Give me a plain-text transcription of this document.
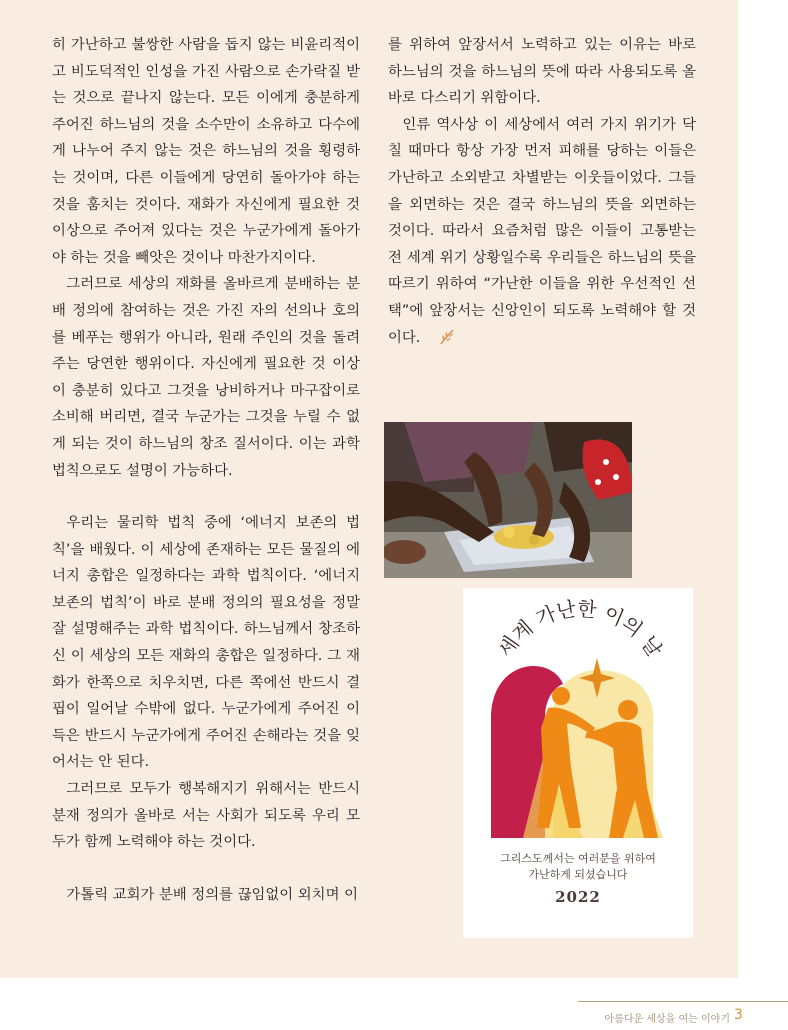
히 가난하고 불쌍한 사람을 돕지 않는 비윤리적이고 비도덕적인 인성을 가진 사람으로 손가락질 받는 것으로 끝나지 않는다. 모든 이에게 충분하게 주어진 하느님의 것을 소수만이 소유하고 다수에게 나누어 주지 않는 것은 하느님의 것을 횡령하는 것이며, 다른 이들에게 당연히 돌아가야 하는 것을 훔치는 것이다. 재화가 자신에게 필요한 것 이상으로 주어져 있다는 것은 누군가에게 돌아가야 하는 것을 빼앗은 것이나 마찬가지이다.

그러므로 세상의 재화를 올바르게 분배하는 분배 정의에 참여하는 것은 가진 자의 선의나 호의를 베푸는 행위가 아니라, 원래 주인의 것을 돌려주는 당연한 행위이다. 자신에게 필요한 것 이상이 충분히 있다고 그것을 낭비하거나 마구잡이로 소비해 버리면, 결국 누군가는 그것을 누릴 수 없게 되는 것이 하느님의 창조 질서이다. 이는 과학 법칙으로도 설명이 가능하다.

우리는 물리학 법칙 중에 ‘에너지 보존의 법칙’을 배웠다. 이 세상에 존재하는 모든 물질의 에너지 총합은 일정하다는 과학 법칙이다. ‘에너지 보존의 법칙’이 바로 분배 정의의 필요성을 정말 잘 설명해주는 과학 법칙이다. 하느님께서 창조하신 이 세상의 모든 재화의 총합은 일정하다. 그 재화가 한쪽으로 치우치면, 다른 쪽에선 반드시 결핍이 일어날 수밖에 없다. 누군가에게 주어진 이득은 반드시 누군가에게 주어진 손해라는 것을 잊어서는 안 된다.

그러므로 모두가 행복해지기 위해서는 반드시 분재 정의가 올바로 서는 사회가 되도록 우리 모두가 함께 노력해야 하는 것이다.

가톨릭 교회가 분배 정의를 끊임없이 외치며 이

를 위하여 앞장서서 노력하고 있는 이유는 바로 하느님의 것을 하느님의 뜻에 따라 사용되도록 올바로 다스리기 위함이다.

인류 역사상 이 세상에서 여러 가지 위기가 닥칠 때마다 항상 가장 먼저 피해를 당하는 이들은 가난하고 소외받고 차별받는 이웃들이었다. 그들을 외면하는 것은 결국 하느님의 뜻을 외면하는 것이다. 따라서 요즘처럼 많은 이들이 고통받는 전 세계 위기 상황일수록 우리들은 하느님의 뜻을 따르기 위하여 “가난한 이들을 위한 우선적인 선택”에 앞장서는 신앙인이 되도록 노력해야 할 것이다.

세계 가난한 이의 날
그리스도께서는 여러분을 위하여
가난하게 되셨습니다
2022
아름다운 세상을 여는 이야기 3
